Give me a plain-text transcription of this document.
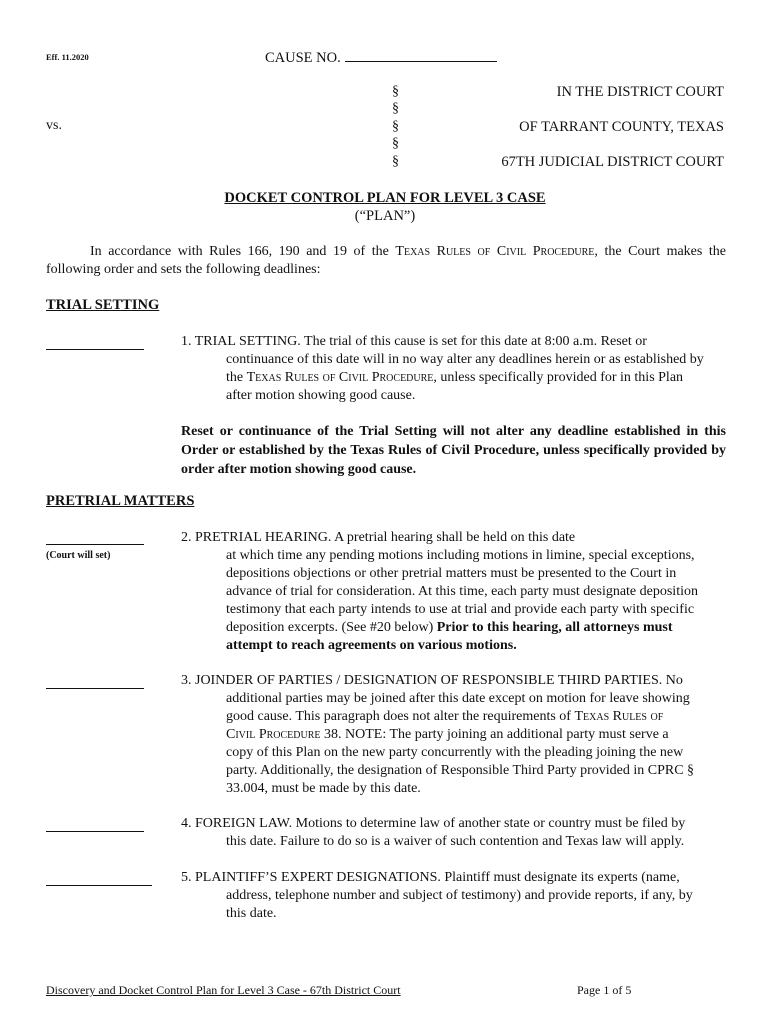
Eff. 11.2020	CAUSE NO.
§
§
§
§
§
IN THE DISTRICT COURT
OF TARRANT COUNTY, TEXAS
67TH JUDICIAL DISTRICT COURT
vs.
DOCKET CONTROL PLAN FOR LEVEL 3 CASE
(“PLAN”)
In accordance with Rules 166, 190 and 19 of the Texas Rules of Civil Procedure, the Court makes the following order and sets the following deadlines:
TRIAL SETTING
1. TRIAL SETTING. The trial of this cause is set for this date at 8:00 a.m. Reset or
continuance of this date will in no way alter any deadlines herein or as established by
the Texas Rules of Civil Procedure, unless specifically provided for in this Plan
after motion showing good cause.
Reset or continuance of the Trial Setting will not alter any deadline established in this Order or established by the Texas Rules of Civil Procedure, unless specifically provided by order after motion showing good cause.
PRETRIAL MATTERS
(Court will set)
2. PRETRIAL HEARING. A pretrial hearing shall be held on this date
at which time any pending motions including motions in limine, special exceptions,
depositions objections or other pretrial matters must be presented to the Court in
advance of trial for consideration. At this time, each party must designate deposition
testimony that each party intends to use at trial and provide each party with specific
deposition excerpts. (See #20 below) Prior to this hearing, all attorneys must
attempt to reach agreements on various motions.
3. JOINDER OF PARTIES / DESIGNATION OF RESPONSIBLE THIRD PARTIES. No
additional parties may be joined after this date except on motion for leave showing
good cause. This paragraph does not alter the requirements of Texas Rules of
Civil Procedure 38. NOTE: The party joining an additional party must serve a
copy of this Plan on the new party concurrently with the pleading joining the new
party. Additionally, the designation of Responsible Third Party provided in CPRC §
33.004, must be made by this date.
4. FOREIGN LAW. Motions to determine law of another state or country must be filed by
this date. Failure to do so is a waiver of such contention and Texas law will apply.
5. PLAINTIFF’S EXPERT DESIGNATIONS. Plaintiff must designate its experts (name,
address, telephone number and subject of testimony) and provide reports, if any, by
this date.
Discovery and Docket Control Plan for Level 3 Case - 67th District Court	Page 1 of 5
